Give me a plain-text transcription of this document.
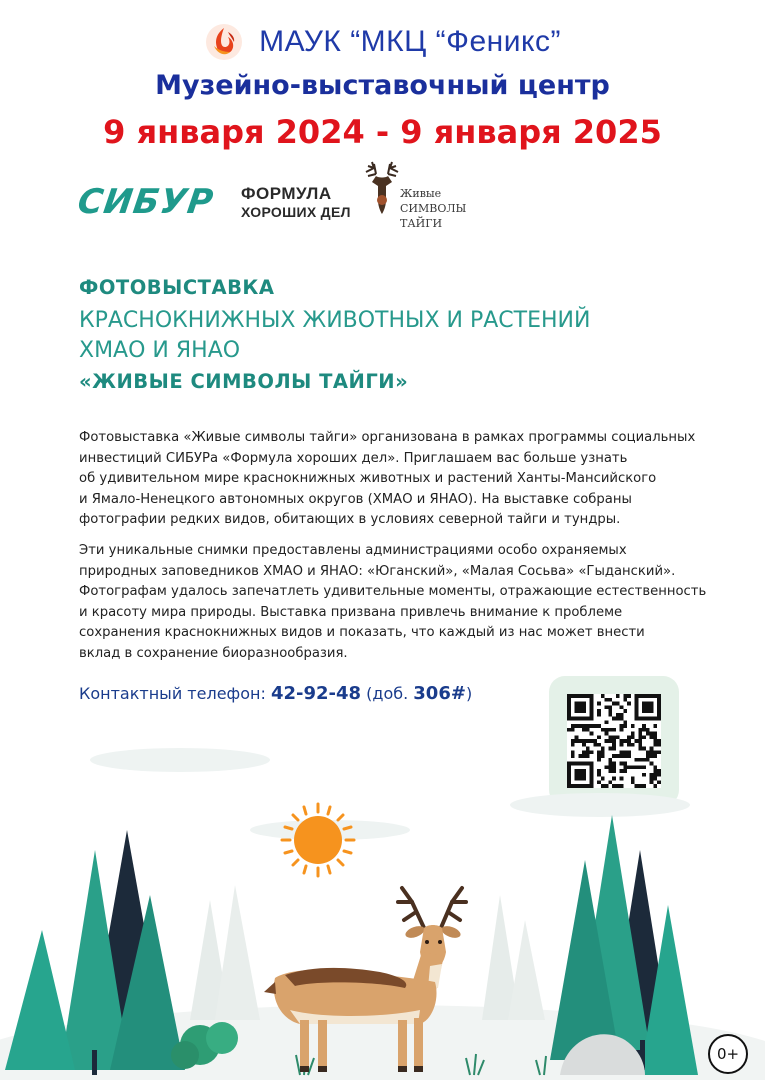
МАУК “МКЦ “Феникс”
Музейно-выставочный центр
9 января 2024 - 9 января 2025
СИБУР ФОРМУЛА
ХОРОШИХ ДЕЛ
Живые
СИМВОЛЫ ТАЙГИ
ФОТОВЫСТАВКА
КРАСНОКНИЖНЫХ ЖИВОТНЫХ И РАСТЕНИЙ
ХМАО И ЯНАО
«ЖИВЫЕ СИМВОЛЫ ТАЙГИ»
Фотовыставка «Живые символы тайги» организована в рамках программы социальных
инвестиций СИБУРа «Формула хороших дел». Приглашаем вас больше узнать
об удивительном мире краснокнижных животных и растений Ханты-Мансийского
и Ямало-Ненецкого автономных округов (ХМАО и ЯНАО). На выставке собраны
фотографии редких видов, обитающих в условиях северной тайги и тундры.
Эти уникальные снимки предоставлены администрациями особо охраняемых
природных заповедников ХМАО и ЯНАО: «Юганский», «Малая Сосьва» «Гыданский».
Фотографам удалось запечатлеть удивительные моменты, отражающие естественность
и красоту мира природы. Выставка призвана привлечь внимание к проблеме
сохранения краснокнижных видов и показать, что каждый из нас может внести
вклад в сохранение биоразнообразия.
Контактный телефон: 42-92-48 (доб. 306#)
0+
